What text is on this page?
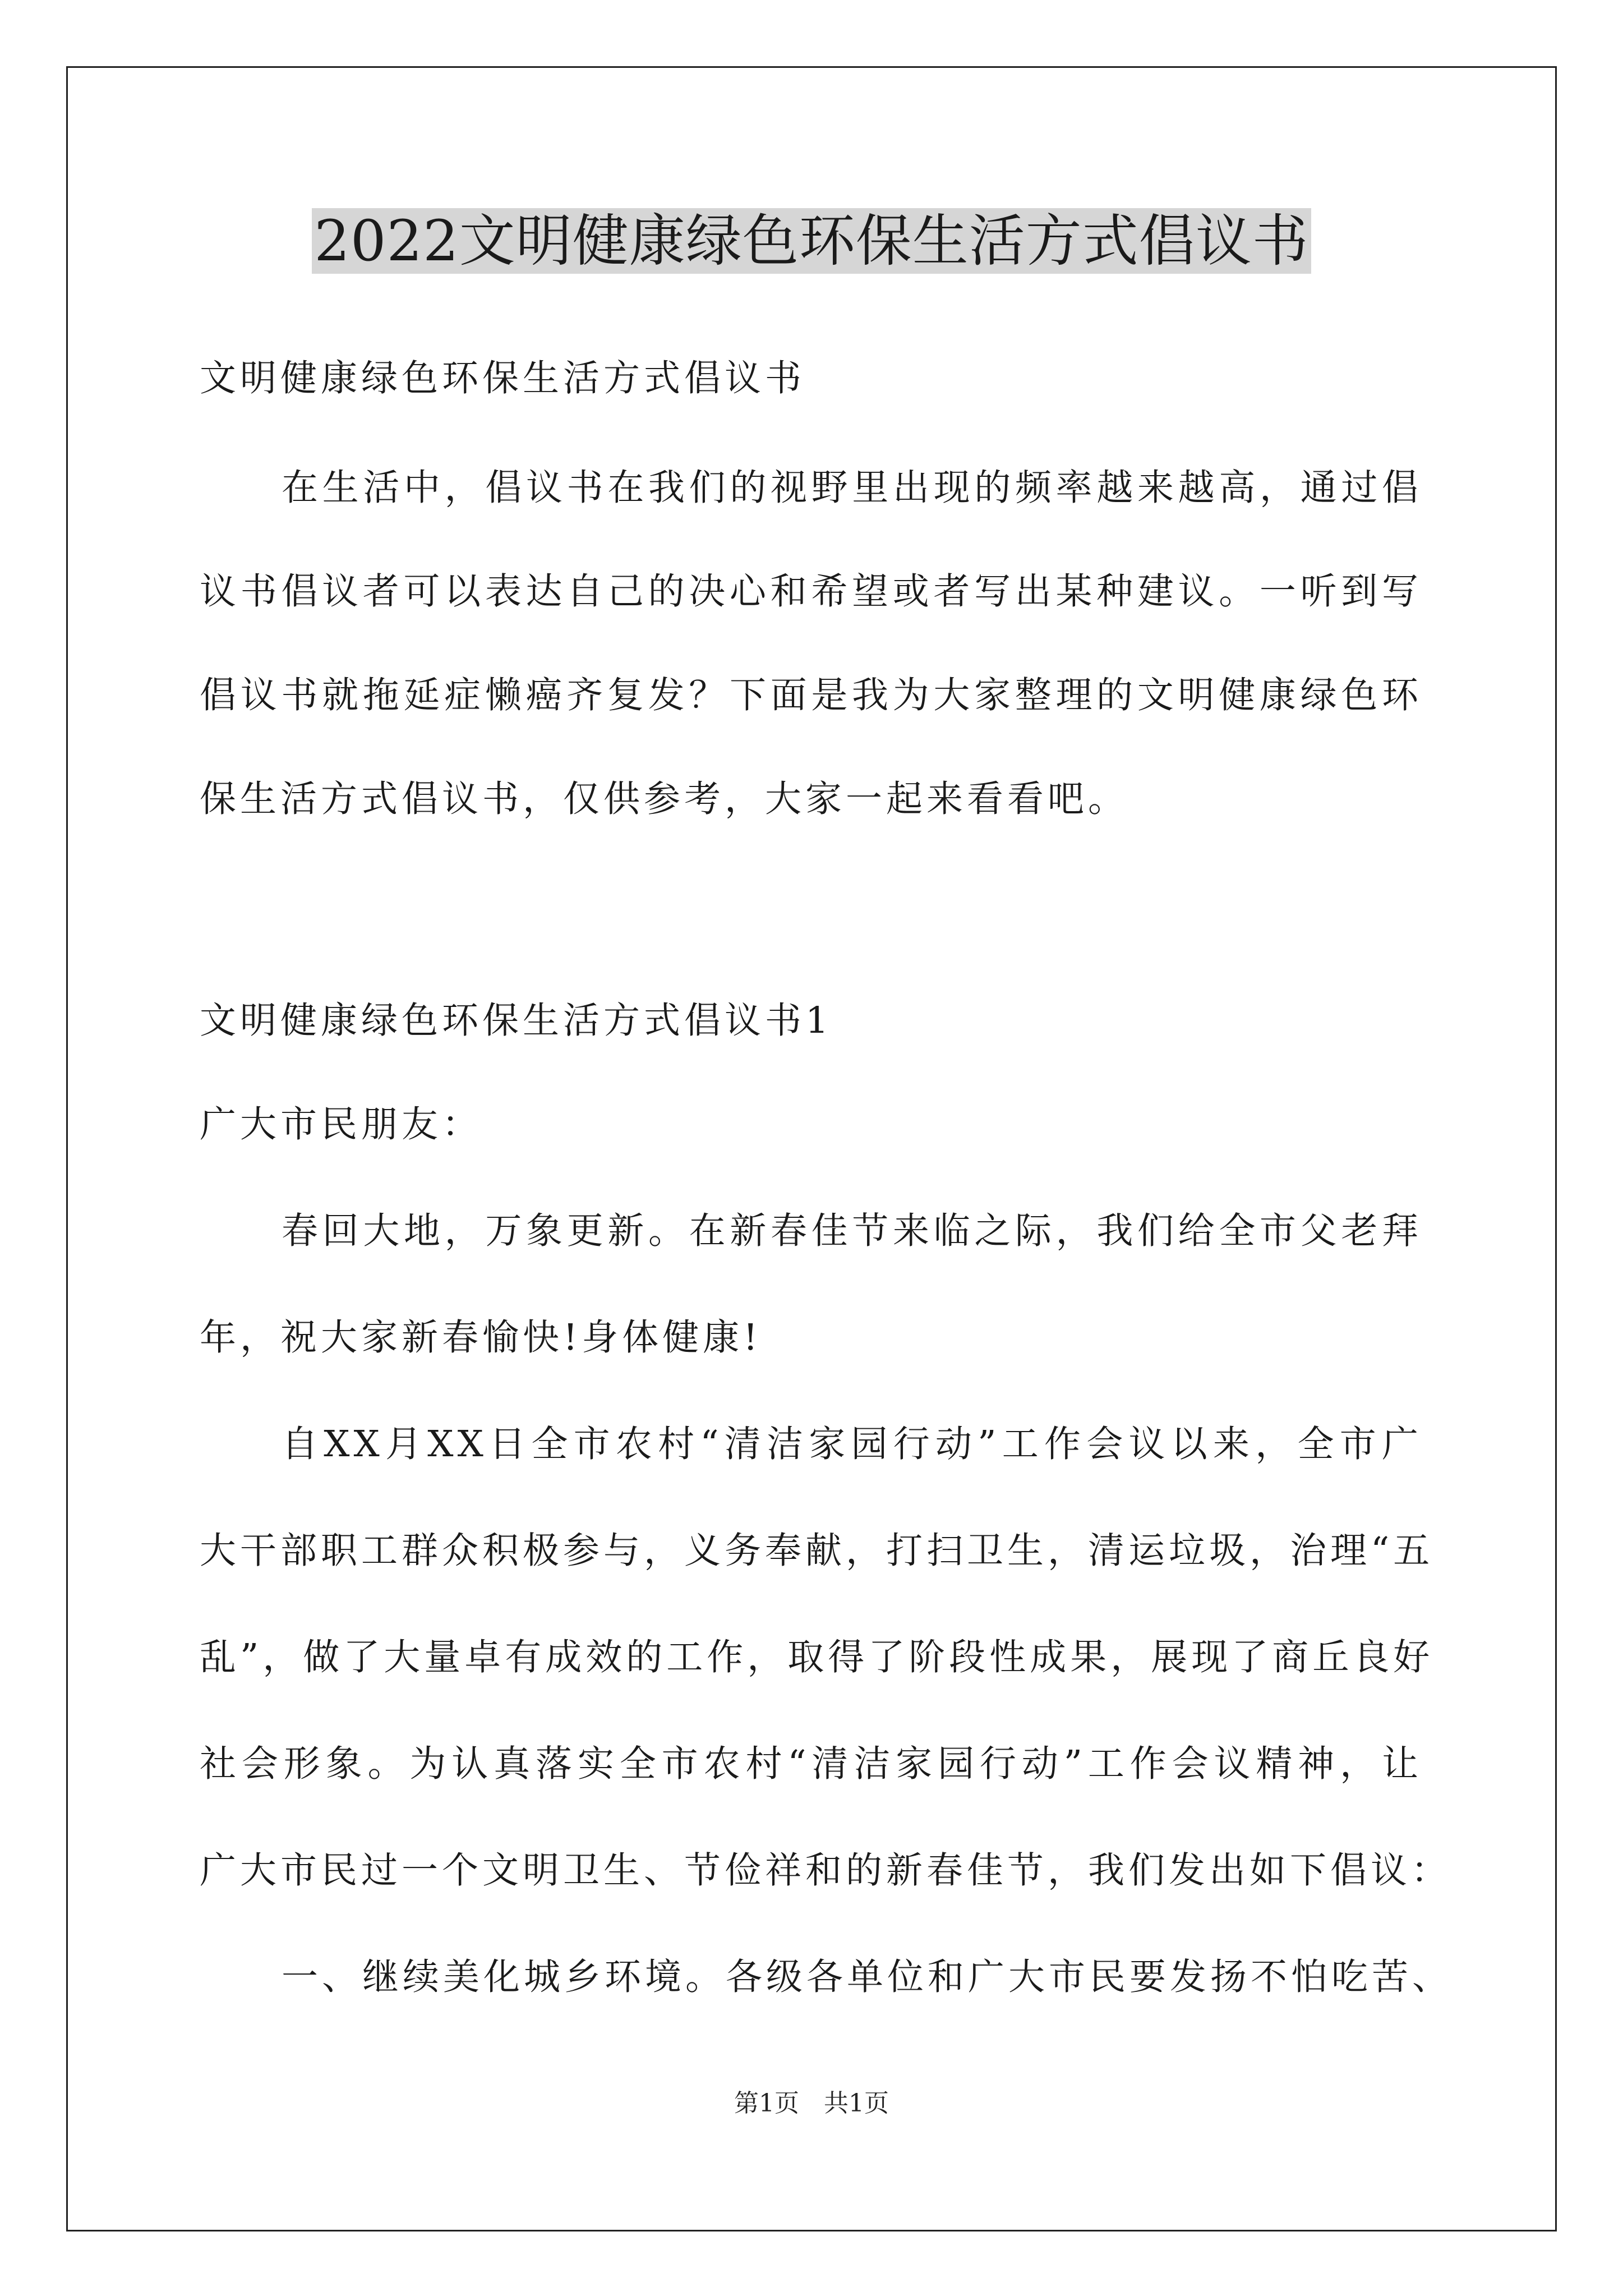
2022文明健康绿色环保生活方式倡议书
文明健康绿色环保生活方式倡议书
在生活中，倡议书在我们的视野里出现的频率越来越高，通过倡
议书倡议者可以表达自己的决心和希望或者写出某种建议。一听到写
倡议书就拖延症懒癌齐复发？下面是我为大家整理的文明健康绿色环
保生活方式倡议书，仅供参考，大家一起来看看吧。
文明健康绿色环保生活方式倡议书1
广大市民朋友：
春回大地，万象更新。在新春佳节来临之际，我们给全市父老拜
年，祝大家新春愉快!身体健康!
自XX月XX日全市农村“清洁家园行动”工作会议以来，全市广
大干部职工群众积极参与，义务奉献，打扫卫生，清运垃圾，治理“五
乱”，做了大量卓有成效的工作，取得了阶段性成果，展现了商丘良好
社会形象。为认真落实全市农村“清洁家园行动”工作会议精神，让
广大市民过一个文明卫生、节俭祥和的新春佳节，我们发出如下倡议：
一、继续美化城乡环境。各级各单位和广大市民要发扬不怕吃苦、
第1页　共1页
